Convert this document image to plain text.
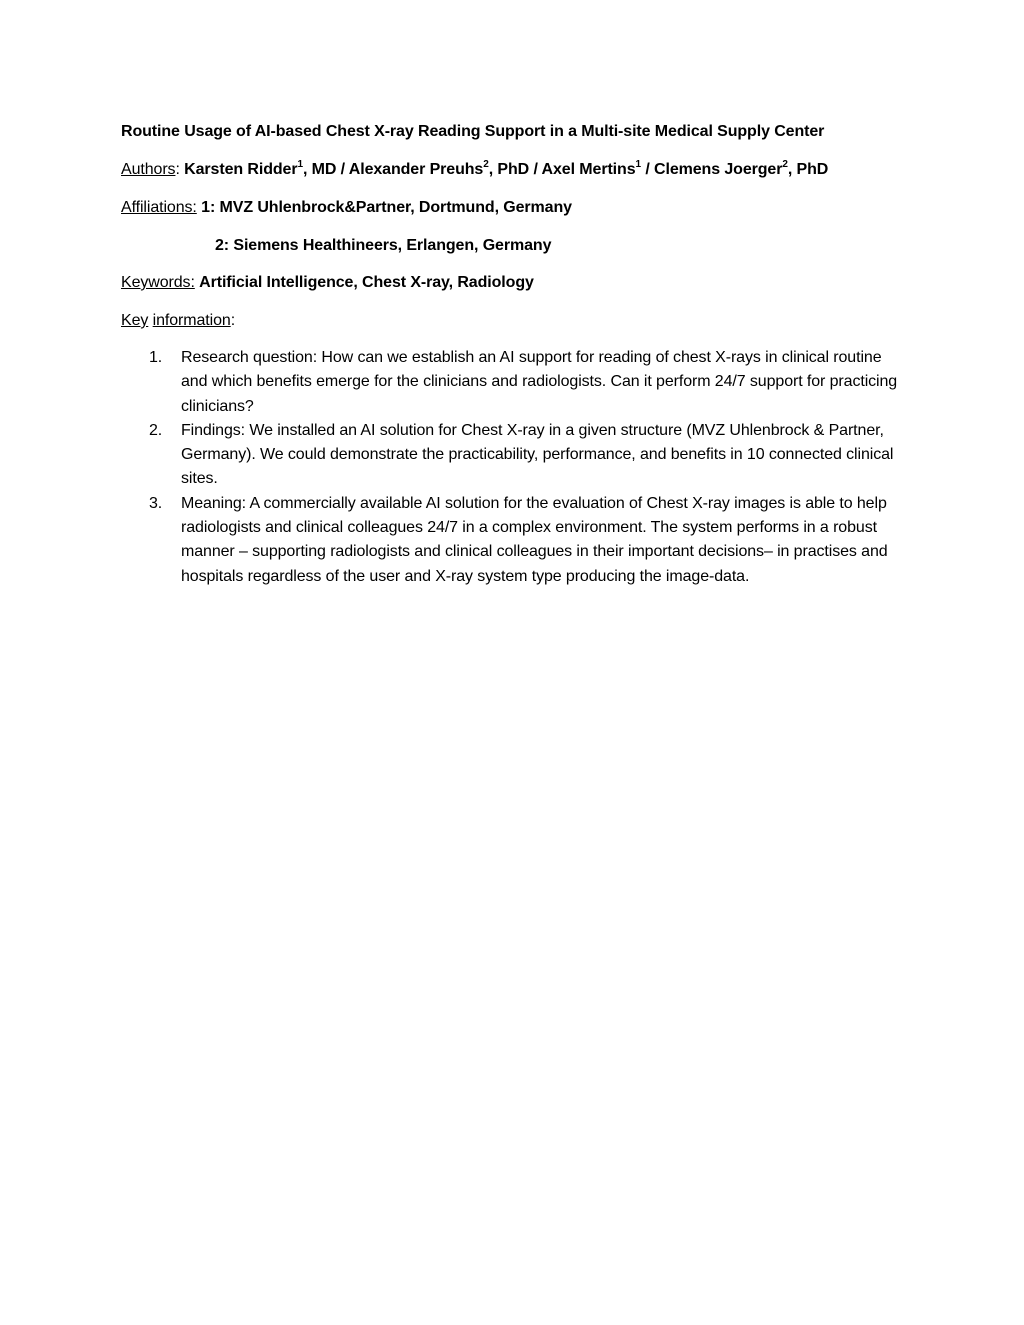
Routine Usage of AI-based Chest X-ray Reading Support in a Multi-site Medical Supply Center
Authors: Karsten Ridder$^1$, MD / Alexander Preuhs$^2$, PhD / Axel Mertins$^1$ / Clemens Joerger$^2$, PhD
Affiliations: 1: MVZ Uhlenbrock&Partner, Dortmund, Germany
2: Siemens Healthineers, Erlangen, Germany
Keywords: Artificial Intelligence, Chest X-ray, Radiology
Key information:
1. Research question: How can we establish an AI support for reading of chest X-rays in clinical routine and which benefits emerge for the clinicians and radiologists. Can it perform 24/7 support for practicing clinicians?
2. Findings: We installed an AI solution for Chest X-ray in a given structure (MVZ Uhlenbrock & Partner, Germany). We could demonstrate the practicability, performance, and benefits in 10 connected clinical sites.
3. Meaning: A commercially available AI solution for the evaluation of Chest X-ray images is able to help radiologists and clinical colleagues 24/7 in a complex environment. The system performs in a robust manner – supporting radiologists and clinical colleagues in their important decisions– in practises and hospitals regardless of the user and X-ray system type producing the image-data.
